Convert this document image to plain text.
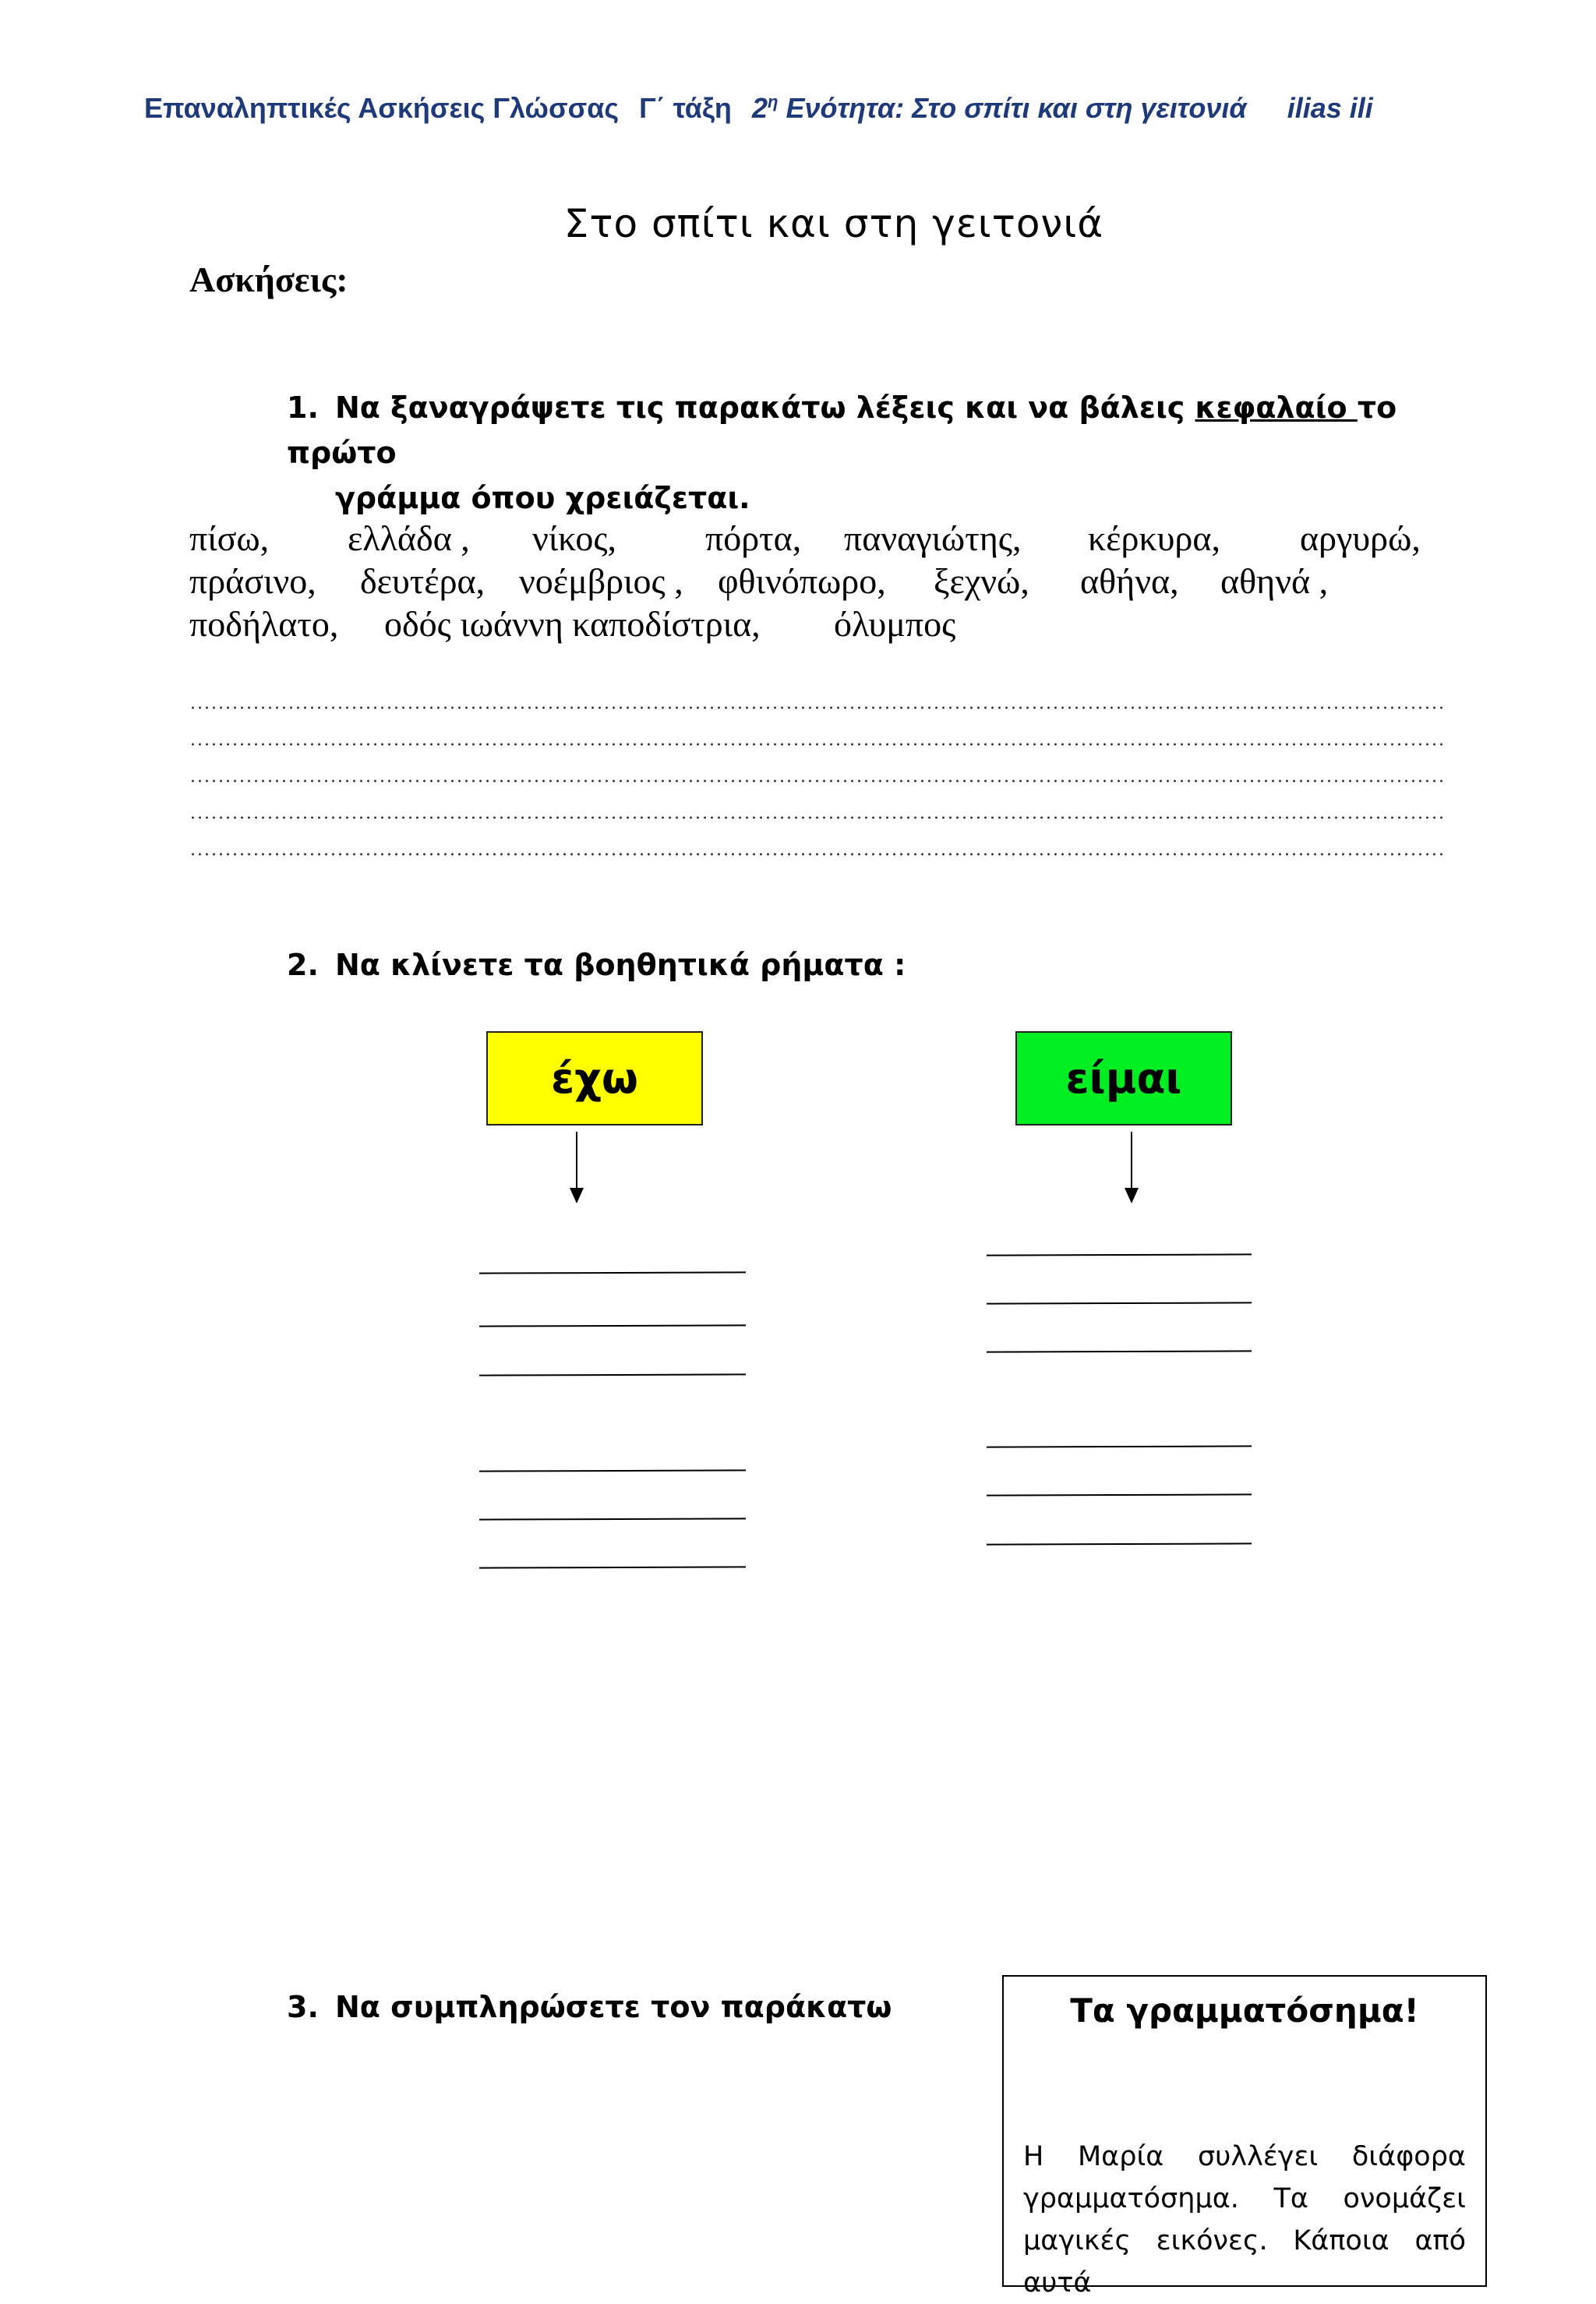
Επαναληπτικές Ασκήσεις Γλώσσας Γ΄ τάξη $2^\eta$ Ενότητα: Στο σπίτι και στη γειτονιά ilias ili
Στο σπίτι και στη γειτονιά
Ασκήσεις:
1. Να ξαναγράψετε τις παρακάτω λέξεις και να βάλεις κεφαλαίο το πρώτο
γράμμα όπου χρειάζεται.
πίσω, ελλάδα , νίκος, πόρτα, παναγιώτης, κέρκυρα, αργυρώ,
πράσινο, δευτέρα, νοέμβριος , φθινόπωρο, ξεχνώ, αθήνα, αθηνά ,
ποδήλατο, οδός ιωάννη καποδίστρια, όλυμπος
2. Να κλίνετε τα βοηθητικά ρήματα :
έχω	είμαι
3. Να συμπληρώσετε τον παράκατω	Τα γραμματόσημα!
Η Μαρία συλλέγει διάφορα
γραμματόσημα. Τα ονομάζει
μαγικές εικόνες. Κάποια από αυτά
